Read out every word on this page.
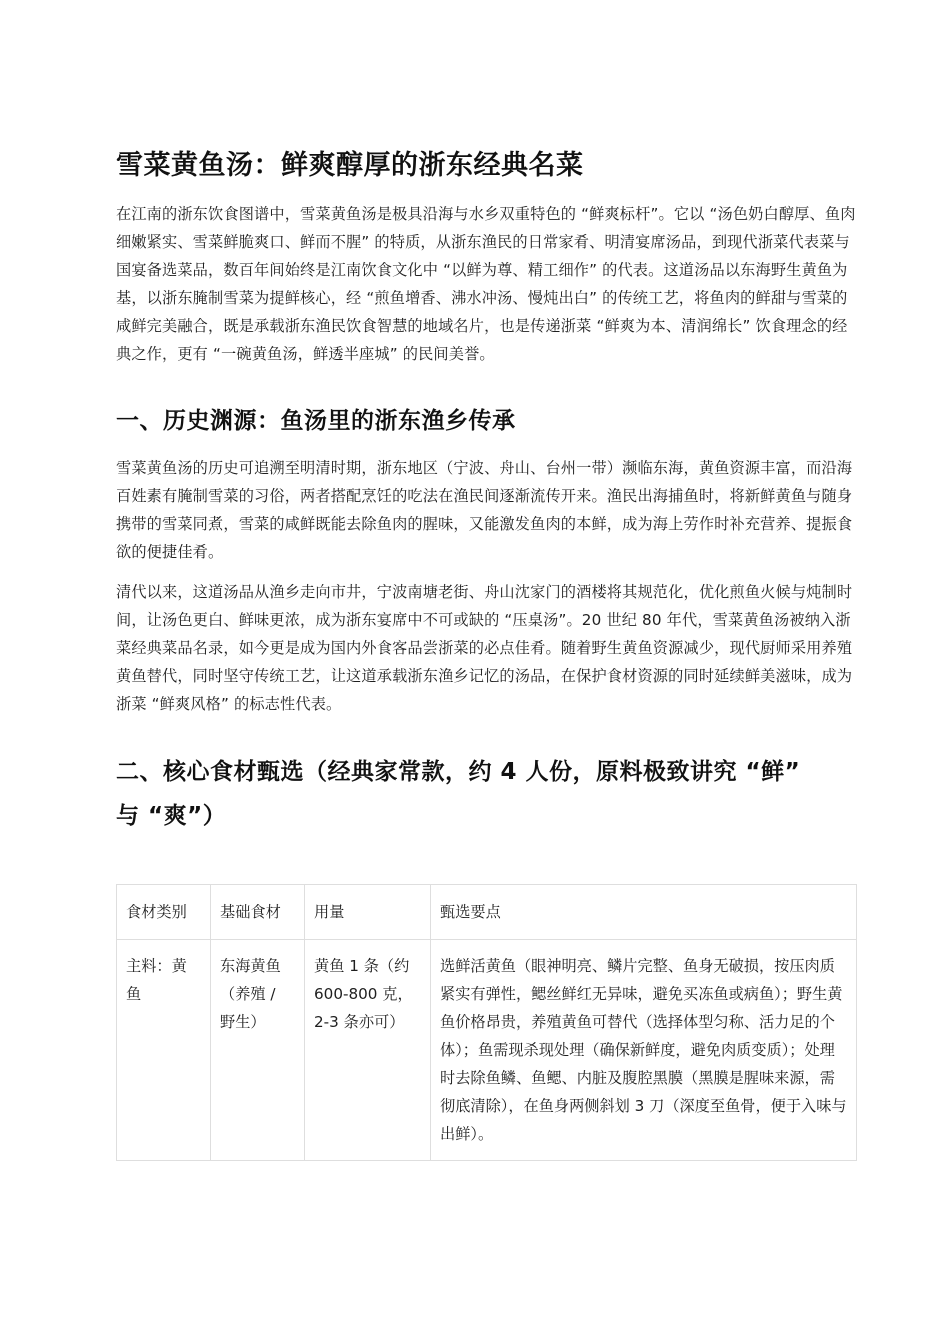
雪菜黄鱼汤：鲜爽醇厚的浙东经典名菜

在江南的浙东饮食图谱中，雪菜黄鱼汤是极具沿海与水乡双重特色的 “鲜爽标杆”。它以 “汤色奶白醇厚、鱼肉细嫩紧实、雪菜鲜脆爽口、鲜而不腥” 的特质，从浙东渔民的日常家肴、明清宴席汤品，到现代浙菜代表菜与国宴备选菜品，数百年间始终是江南饮食文化中 “以鲜为尊、精工细作” 的代表。这道汤品以东海野生黄鱼为基，以浙东腌制雪菜为提鲜核心，经 “煎鱼增香、沸水冲汤、慢炖出白” 的传统工艺，将鱼肉的鲜甜与雪菜的咸鲜完美融合，既是承载浙东渔民饮食智慧的地域名片，也是传递浙菜 “鲜爽为本、清润绵长” 饮食理念的经典之作，更有 “一碗黄鱼汤，鲜透半座城” 的民间美誉。

一、历史渊源：鱼汤里的浙东渔乡传承

雪菜黄鱼汤的历史可追溯至明清时期，浙东地区（宁波、舟山、台州一带）濒临东海，黄鱼资源丰富，而沿海百姓素有腌制雪菜的习俗，两者搭配烹饪的吃法在渔民间逐渐流传开来。渔民出海捕鱼时，将新鲜黄鱼与随身携带的雪菜同煮，雪菜的咸鲜既能去除鱼肉的腥味，又能激发鱼肉的本鲜，成为海上劳作时补充营养、提振食欲的便捷佳肴。

清代以来，这道汤品从渔乡走向市井，宁波南塘老街、舟山沈家门的酒楼将其规范化，优化煎鱼火候与炖制时间，让汤色更白、鲜味更浓，成为浙东宴席中不可或缺的 “压桌汤”。20 世纪 80 年代，雪菜黄鱼汤被纳入浙菜经典菜品名录，如今更是成为国内外食客品尝浙菜的必点佳肴。随着野生黄鱼资源减少，现代厨师采用养殖黄鱼替代，同时坚守传统工艺，让这道承载浙东渔乡记忆的汤品，在保护食材资源的同时延续鲜美滋味，成为浙菜 “鲜爽风格” 的标志性代表。

二、核心食材甄选（经典家常款，约 4 人份，原料极致讲究 “鲜” 与 “爽”）
食材类别	基础食材	用量	甄选要点
主料：黄鱼	东海黄鱼（养殖 / 野生）	黄鱼 1 条（约 600-800 克，2-3 条亦可）	选鲜活黄鱼（眼神明亮、鳞片完整、鱼身无破损，按压肉质紧实有弹性，鳃丝鲜红无异味，避免买冻鱼或病鱼）；野生黄鱼价格昂贵，养殖黄鱼可替代（选择体型匀称、活力足的个体）；鱼需现杀现处理（确保新鲜度，避免肉质变质）；处理时去除鱼鳞、鱼鳃、内脏及腹腔黑膜（黑膜是腥味来源，需彻底清除），在鱼身两侧斜划 3 刀（深度至鱼骨，便于入味与出鲜）。
